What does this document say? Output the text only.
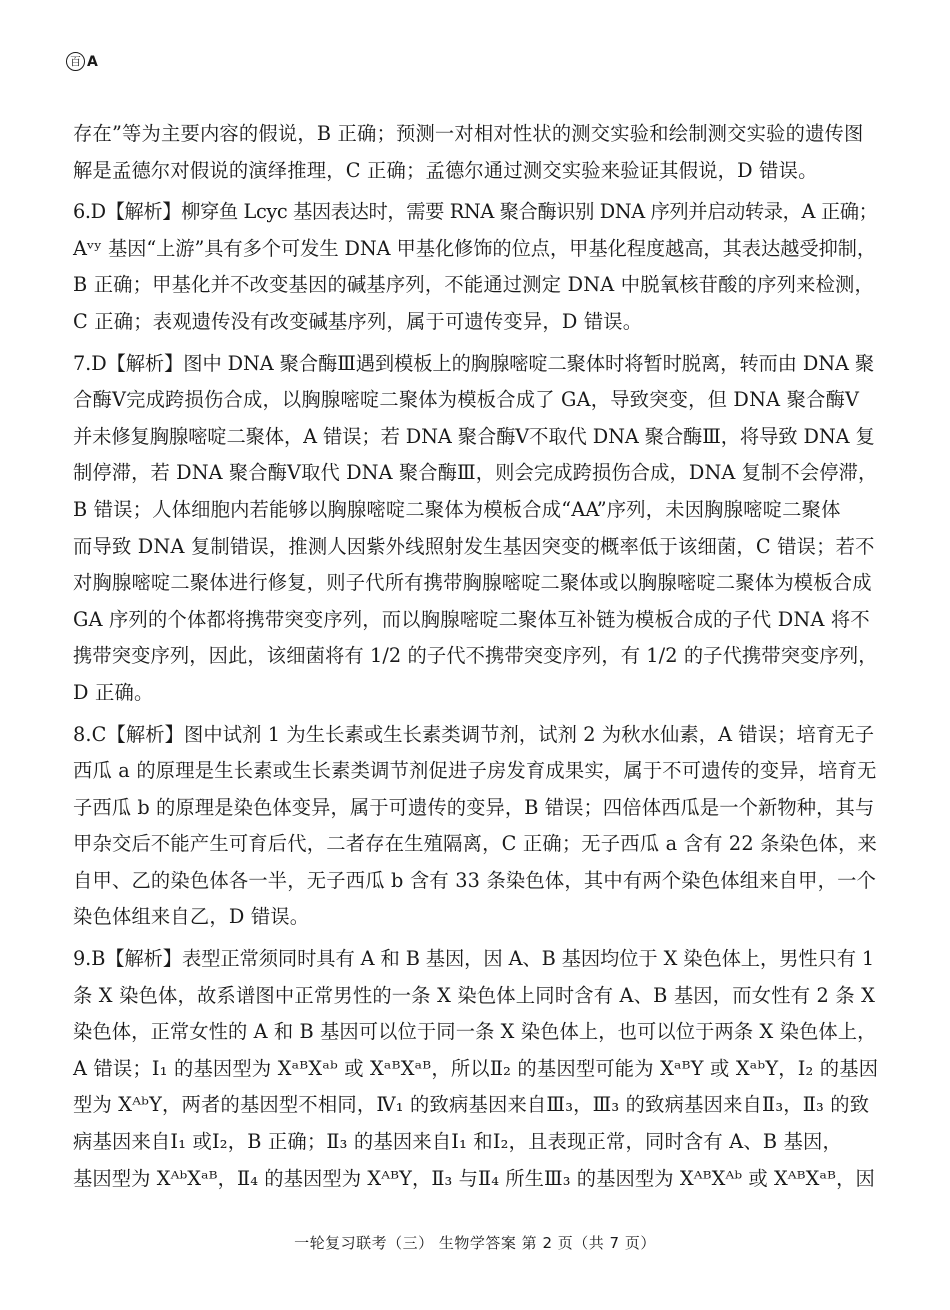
百 A
存在”等为主要内容的假说，B 正确；预测一对相对性状的测交实验和绘制测交实验的遗传图
解是孟德尔对假说的演绎推理，C 正确；孟德尔通过测交实验来验证其假说，D 错误。
6.D【解析】柳穿鱼 Lcyc 基因表达时，需要 RNA 聚合酶识别 DNA 序列并启动转录，A 正确；
Aᵛʸ 基因“上游”具有多个可发生 DNA 甲基化修饰的位点，甲基化程度越高，其表达越受抑制，
B 正确；甲基化并不改变基因的碱基序列，不能通过测定 DNA 中脱氧核苷酸的序列来检测，
C 正确；表观遗传没有改变碱基序列，属于可遗传变异，D 错误。
7.D【解析】图中 DNA 聚合酶Ⅲ遇到模板上的胸腺嘧啶二聚体时将暂时脱离，转而由 DNA 聚
合酶Ⅴ完成跨损伤合成，以胸腺嘧啶二聚体为模板合成了 GA，导致突变，但 DNA 聚合酶Ⅴ
并未修复胸腺嘧啶二聚体，A 错误；若 DNA 聚合酶Ⅴ不取代 DNA 聚合酶Ⅲ，将导致 DNA 复
制停滞，若 DNA 聚合酶Ⅴ取代 DNA 聚合酶Ⅲ，则会完成跨损伤合成，DNA 复制不会停滞，
B 错误；人体细胞内若能够以胸腺嘧啶二聚体为模板合成“AA”序列，未因胸腺嘧啶二聚体
而导致 DNA 复制错误，推测人因紫外线照射发生基因突变的概率低于该细菌，C 错误；若不
对胸腺嘧啶二聚体进行修复，则子代所有携带胸腺嘧啶二聚体或以胸腺嘧啶二聚体为模板合成
GA 序列的个体都将携带突变序列，而以胸腺嘧啶二聚体互补链为模板合成的子代 DNA 将不
携带突变序列，因此，该细菌将有 1/2 的子代不携带突变序列，有 1/2 的子代携带突变序列，
D 正确。
8.C【解析】图中试剂 1 为生长素或生长素类调节剂，试剂 2 为秋水仙素，A 错误；培育无子
西瓜 a 的原理是生长素或生长素类调节剂促进子房发育成果实，属于不可遗传的变异，培育无
子西瓜 b 的原理是染色体变异，属于可遗传的变异，B 错误；四倍体西瓜是一个新物种，其与
甲杂交后不能产生可育后代，二者存在生殖隔离，C 正确；无子西瓜 a 含有 22 条染色体，来
自甲、乙的染色体各一半，无子西瓜 b 含有 33 条染色体，其中有两个染色体组来自甲，一个
染色体组来自乙，D 错误。
9.B【解析】表型正常须同时具有 A 和 B 基因，因 A、B 基因均位于 X 染色体上，男性只有 1
条 X 染色体，故系谱图中正常男性的一条 X 染色体上同时含有 A、B 基因，而女性有 2 条 X
染色体，正常女性的 A 和 B 基因可以位于同一条 X 染色体上，也可以位于两条 X 染色体上，
A 错误；Ⅰ₁ 的基因型为 XᵃᴮXᵃᵇ 或 XᵃᴮXᵃᴮ，所以Ⅱ₂ 的基因型可能为 XᵃᴮY 或 XᵃᵇY，Ⅰ₂ 的基因
型为 XᴬᵇY，两者的基因型不相同，Ⅳ₁ 的致病基因来自Ⅲ₃，Ⅲ₃ 的致病基因来自Ⅱ₃，Ⅱ₃ 的致
病基因来自Ⅰ₁ 或Ⅰ₂，B 正确；Ⅱ₃ 的基因来自Ⅰ₁ 和Ⅰ₂，且表现正常，同时含有 A、B 基因，
基因型为 XᴬᵇXᵃᴮ，Ⅱ₄ 的基因型为 XᴬᴮY，Ⅱ₃ 与Ⅱ₄ 所生Ⅲ₃ 的基因型为 XᴬᴮXᴬᵇ 或 XᴬᴮXᵃᴮ，因
一轮复习联考（三） 生物学答案 第 2 页（共 7 页）
